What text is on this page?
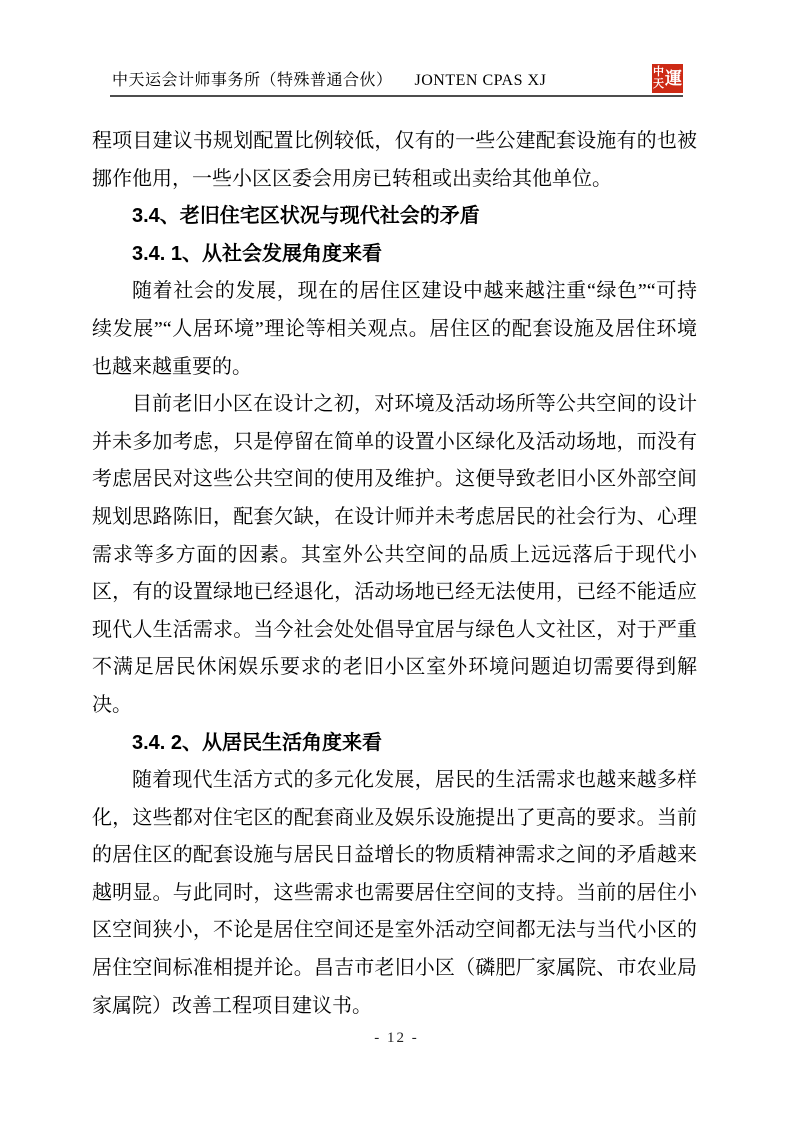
中天运会计师事务所（特殊普通合伙） JONTEN CPAS XJ
中
天 運
程项目建议书规划配置比例较低，仅有的一些公建配套设施有的也被挪作他用，一些小区区委会用房已转租或出卖给其他单位。
3.4、老旧住宅区状况与现代社会的矛盾
3.4. 1、从社会发展角度来看
随着社会的发展，现在的居住区建设中越来越注重“绿色”“可持续发展”“人居环境”理论等相关观点。居住区的配套设施及居住环境也越来越重要的。
目前老旧小区在设计之初，对环境及活动场所等公共空间的设计并未多加考虑，只是停留在简单的设置小区绿化及活动场地，而没有考虑居民对这些公共空间的使用及维护。这便导致老旧小区外部空间规划思路陈旧，配套欠缺，在设计师并未考虑居民的社会行为、心理需求等多方面的因素。其室外公共空间的品质上远远落后于现代小区，有的设置绿地已经退化，活动场地已经无法使用，已经不能适应现代人生活需求。当今社会处处倡导宜居与绿色人文社区，对于严重不满足居民休闲娱乐要求的老旧小区室外环境问题迫切需要得到解决。
3.4. 2、从居民生活角度来看
随着现代生活方式的多元化发展，居民的生活需求也越来越多样化，这些都对住宅区的配套商业及娱乐设施提出了更高的要求。当前的居住区的配套设施与居民日益增长的物质精神需求之间的矛盾越来越明显。与此同时，这些需求也需要居住空间的支持。当前的居住小区空间狭小，不论是居住空间还是室外活动空间都无法与当代小区的居住空间标准相提并论。昌吉市老旧小区（磷肥厂家属院、市农业局家属院）改善工程项目建议书。
- 12 -
